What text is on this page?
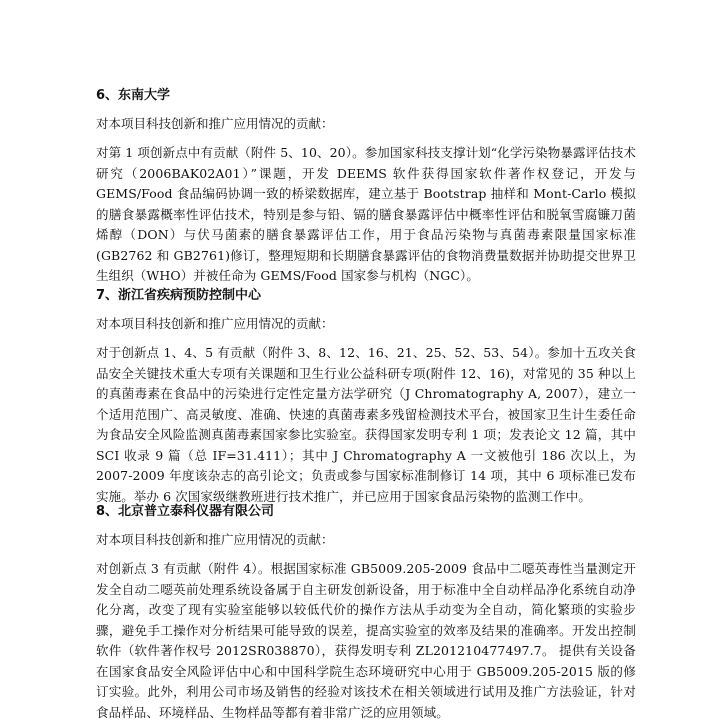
6、东南大学

对本项目科技创新和推广应用情况的贡献：

对第 1 项创新点中有贡献（附件 5、10、20）。参加国家科技支撑计划“化学污染物暴露评估技术研究（2006BAK02A01）”课题，开发 DEEMS 软件获得国家软件著作权登记，开发与 GEMS/Food 食品编码协调一致的桥梁数据库，建立基于 Bootstrap 抽样和 Mont-Carlo 模拟的膳食暴露概率性评估技术，特别是参与铅、镉的膳食暴露评估中概率性评估和脱氧雪腐镰刀菌烯醇（DON）与伏马菌素的膳食暴露评估工作，用于食品污染物与真菌毒素限量国家标准(GB2762 和 GB2761)修订，整理短期和长期膳食暴露评估的食物消费量数据并协助提交世界卫生组织（WHO）并被任命为 GEMS/Food 国家参与机构（NGC）。

7、浙江省疾病预防控制中心

对本项目科技创新和推广应用情况的贡献：

对于创新点 1、4、5 有贡献（附件 3、8、12、16、21、25、52、53、54）。参加十五攻关食品安全关键技术重大专项有关课题和卫生行业公益科研专项(附件 12、16)，对常见的 35 种以上的真菌毒素在食品中的污染进行定性定量方法学研究（J Chromatography A, 2007），建立一个适用范围广、高灵敏度、准确、快速的真菌毒素多残留检测技术平台，被国家卫生计生委任命为食品安全风险监测真菌毒素国家参比实验室。获得国家发明专利 1 项；发表论文 12 篇，其中 SCI 收录 9 篇（总 IF=31.411）；其中 J Chromatography A 一文被他引 186 次以上，为 2007-2009 年度该杂志的高引论文；负责或参与国家标准制修订 14 项，其中 6 项标准已发布实施。举办 6 次国家级继教班进行技术推广，并已应用于国家食品污染物的监测工作中。

8、北京普立泰科仪器有限公司

对本项目科技创新和推广应用情况的贡献：

对创新点 3 有贡献（附件 4）。根据国家标准 GB5009.205-2009 食品中二噁英毒性当量测定开发全自动二噁英前处理系统设备属于自主研发创新设备，用于标准中全自动样品净化系统自动净化分离，改变了现有实验室能够以较低代价的操作方法从手动变为全自动，简化繁琐的实验步骤，避免手工操作对分析结果可能导致的误差，提高实验室的效率及结果的准确率。开发出控制软件（软件著作权号 2012SR038870），获得发明专利 ZL201210477497.7。 提供有关设备在国家食品安全风险评估中心和中国科学院生态环境研究中心用于 GB5009.205-2015 版的修订实验。此外，利用公司市场及销售的经验对该技术在相关领域进行试用及推广方法验证，针对食品样品、环境样品、生物样品等都有着非常广泛的应用领域。
